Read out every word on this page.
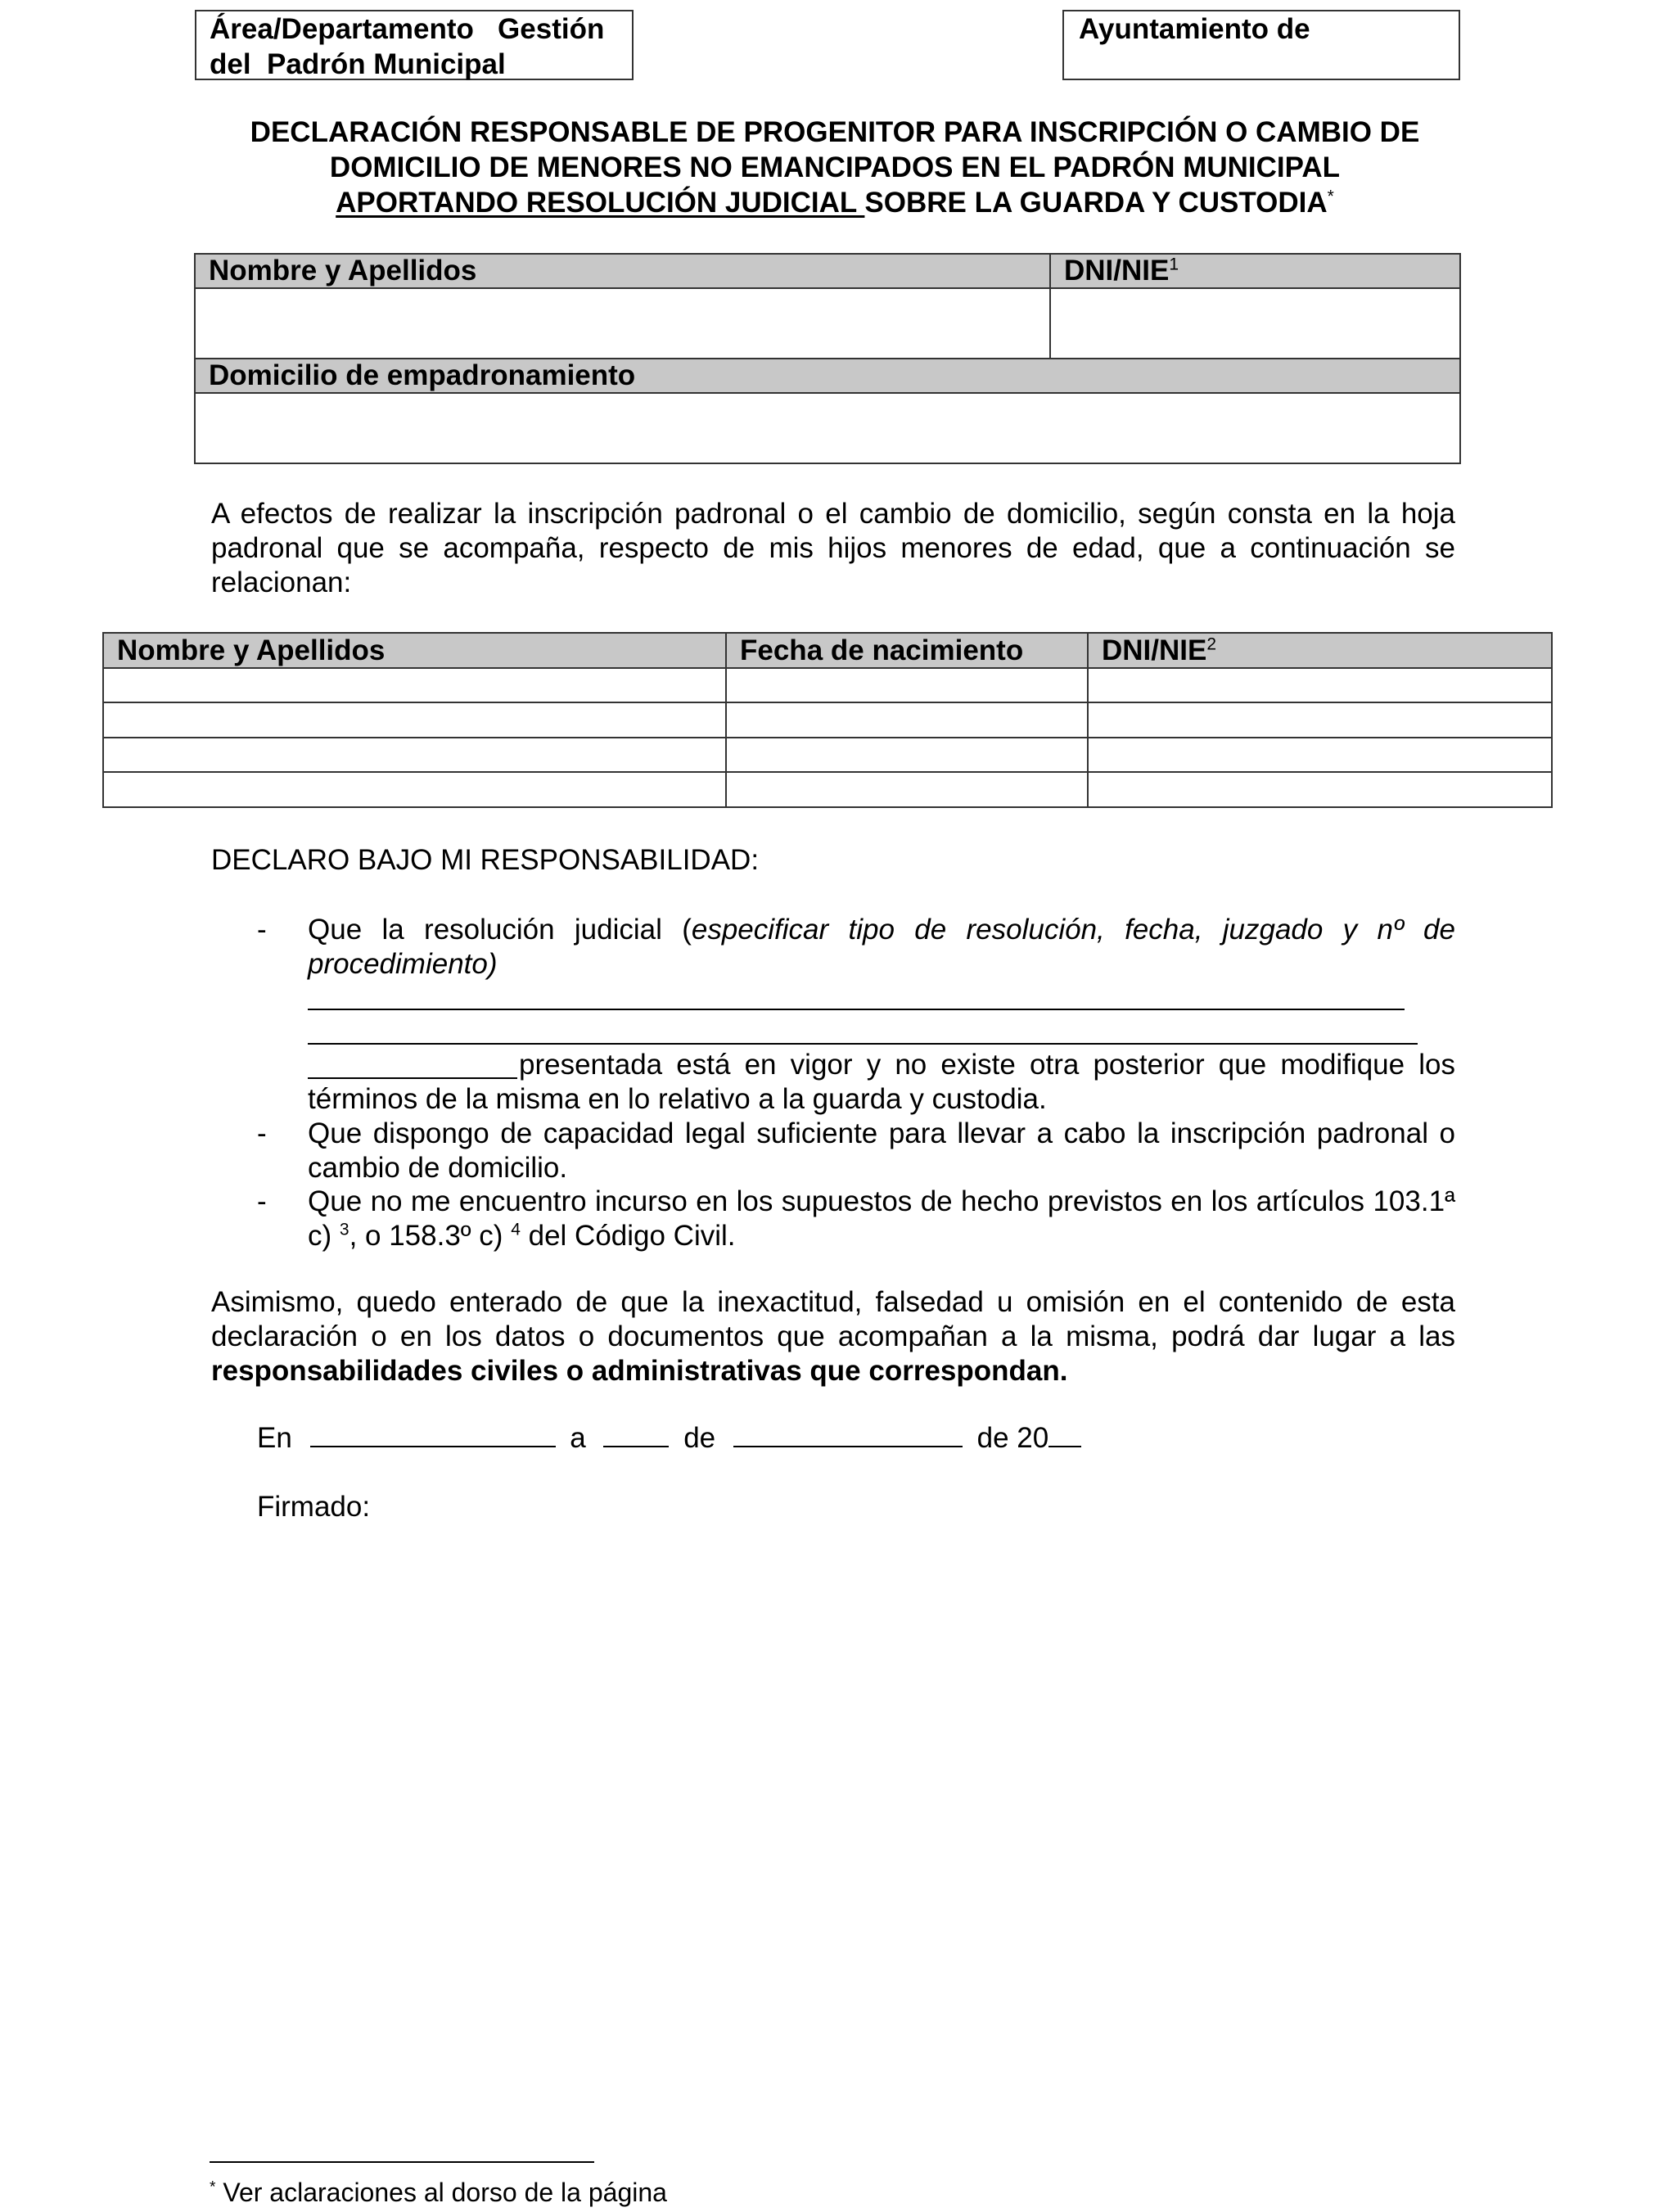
Área/Departamento   Gestión
del  Padrón Municipal
Ayuntamiento de
DECLARACIÓN RESPONSABLE DE PROGENITOR PARA INSCRIPCIÓN O CAMBIO DE
DOMICILIO DE MENORES NO EMANCIPADOS EN EL PADRÓN MUNICIPAL
APORTANDO RESOLUCIÓN JUDICIAL SOBRE LA GUARDA Y CUSTODIA*
Nombre y Apellidos	DNI/NIE$^1$

Domicilio de empadronamiento	

A efectos de realizar la inscripción padronal o el cambio de domicilio, según consta en la hoja padronal que se acompaña, respecto de mis hijos menores de edad, que a continuación se relacionan:
Nombre y Apellidos	Fecha de nacimiento	DNI/NIE$^2$

DECLARO BAJO MI RESPONSABILIDAD:
- Que la resolución judicial (especificar tipo de resolución, fecha, juzgado y nº de procedimiento)
presentada está en vigor y no existe otra posterior que modifique los términos de la misma en lo relativo a la guarda y custodia.
- Que dispongo de capacidad legal suficiente para llevar a cabo la inscripción padronal o cambio de domicilio.
- Que no me encuentro incurso en los supuestos de hecho previstos en los artículos 103.1ª c) $^3$, o 158.3º c) $^4$ del Código Civil.
Asimismo, quedo enterado de que la inexactitud, falsedad u omisión en el contenido de esta declaración o en los datos o documentos que acompañan a la misma, podrá dar lugar a las responsabilidades civiles o administrativas que correspondan.
En	a	de	de 20
Firmado:
* Ver aclaraciones al dorso de la página
